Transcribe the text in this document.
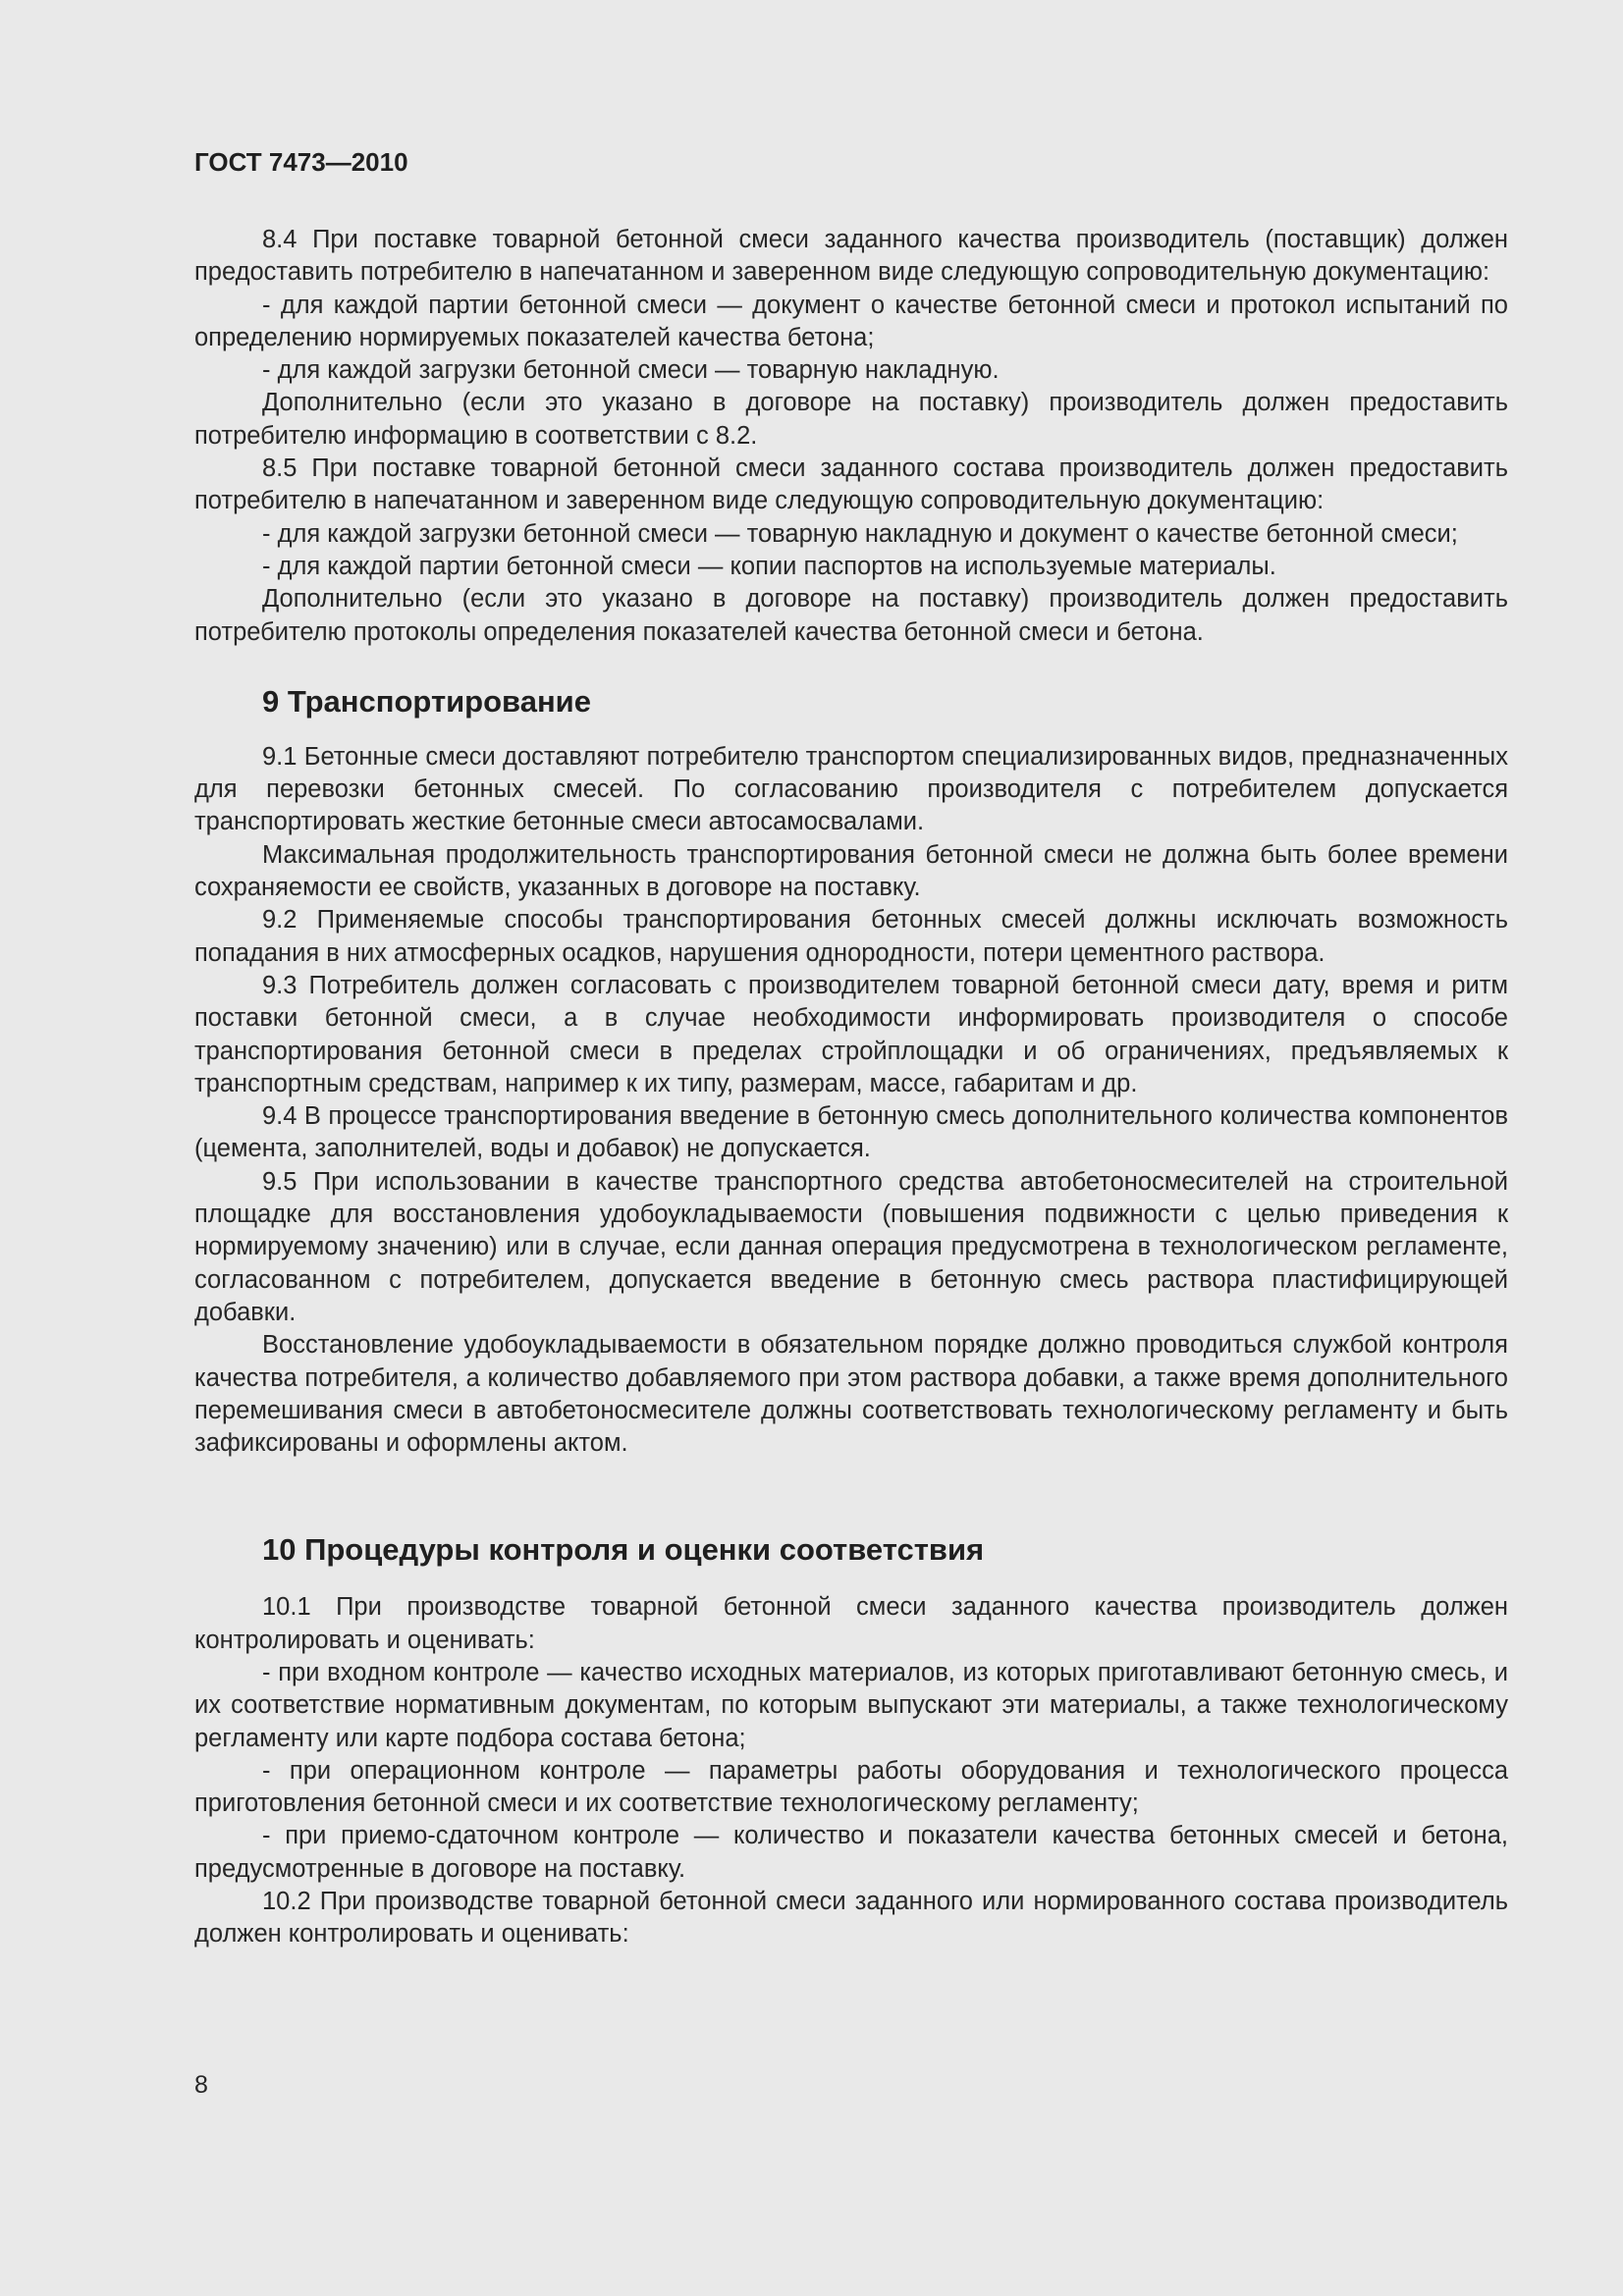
ГОСТ 7473—2010

8.4 При поставке товарной бетонной смеси заданного качества производитель (поставщик) должен предоставить потребителю в напечатанном и заверенном виде следующую сопроводительную документацию:

- для каждой партии бетонной смеси — документ о качестве бетонной смеси и протокол испытаний по определению нормируемых показателей качества бетона;

- для каждой загрузки бетонной смеси — товарную накладную.

Дополнительно (если это указано в договоре на поставку) производитель должен предоставить потребителю информацию в соответствии с 8.2.

8.5 При поставке товарной бетонной смеси заданного состава производитель должен предоставить потребителю в напечатанном и заверенном виде следующую сопроводительную документацию:

- для каждой загрузки бетонной смеси — товарную накладную и документ о качестве бетонной смеси;

- для каждой партии бетонной смеси — копии паспортов на используемые материалы.

Дополнительно (если это указано в договоре на поставку) производитель должен предоставить потребителю протоколы определения показателей качества бетонной смеси и бетона.

9 Транспортирование

9.1 Бетонные смеси доставляют потребителю транспортом специализированных видов, предназначенных для перевозки бетонных смесей. По согласованию производителя с потребителем допускается транспортировать жесткие бетонные смеси автосамосвалами.

Максимальная продолжительность транспортирования бетонной смеси не должна быть более времени сохраняемости ее свойств, указанных в договоре на поставку.

9.2 Применяемые способы транспортирования бетонных смесей должны исключать возможность попадания в них атмосферных осадков, нарушения однородности, потери цементного раствора.

9.3 Потребитель должен согласовать с производителем товарной бетонной смеси дату, время и ритм поставки бетонной смеси, а в случае необходимости информировать производителя о способе транспортирования бетонной смеси в пределах стройплощадки и об ограничениях, предъявляемых к транспортным средствам, например к их типу, размерам, массе, габаритам и др.

9.4 В процессе транспортирования введение в бетонную смесь дополнительного количества компонентов (цемента, заполнителей, воды и добавок) не допускается.

9.5 При использовании в качестве транспортного средства автобетоносмесителей на строительной площадке для восстановления удобоукладываемости (повышения подвижности с целью приведения к нормируемому значению) или в случае, если данная операция предусмотрена в технологическом регламенте, согласованном с потребителем, допускается введение в бетонную смесь раствора пластифицирующей добавки.

Восстановление удобоукладываемости в обязательном порядке должно проводиться службой контроля качества потребителя, а количество добавляемого при этом раствора добавки, а также время дополнительного перемешивания смеси в автобетоносмесителе должны соответствовать технологическому регламенту и быть зафиксированы и оформлены актом.

10 Процедуры контроля и оценки соответствия

10.1 При производстве товарной бетонной смеси заданного качества производитель должен контролировать и оценивать:

- при входном контроле — качество исходных материалов, из которых приготавливают бетонную смесь, и их соответствие нормативным документам, по которым выпускают эти материалы, а также технологическому регламенту или карте подбора состава бетона;

- при операционном контроле — параметры работы оборудования и технологического процесса приготовления бетонной смеси и их соответствие технологическому регламенту;

- при приемо-сдаточном контроле — количество и показатели качества бетонных смесей и бетона, предусмотренные в договоре на поставку.

10.2 При производстве товарной бетонной смеси заданного или нормированного состава производитель должен контролировать и оценивать:

8
